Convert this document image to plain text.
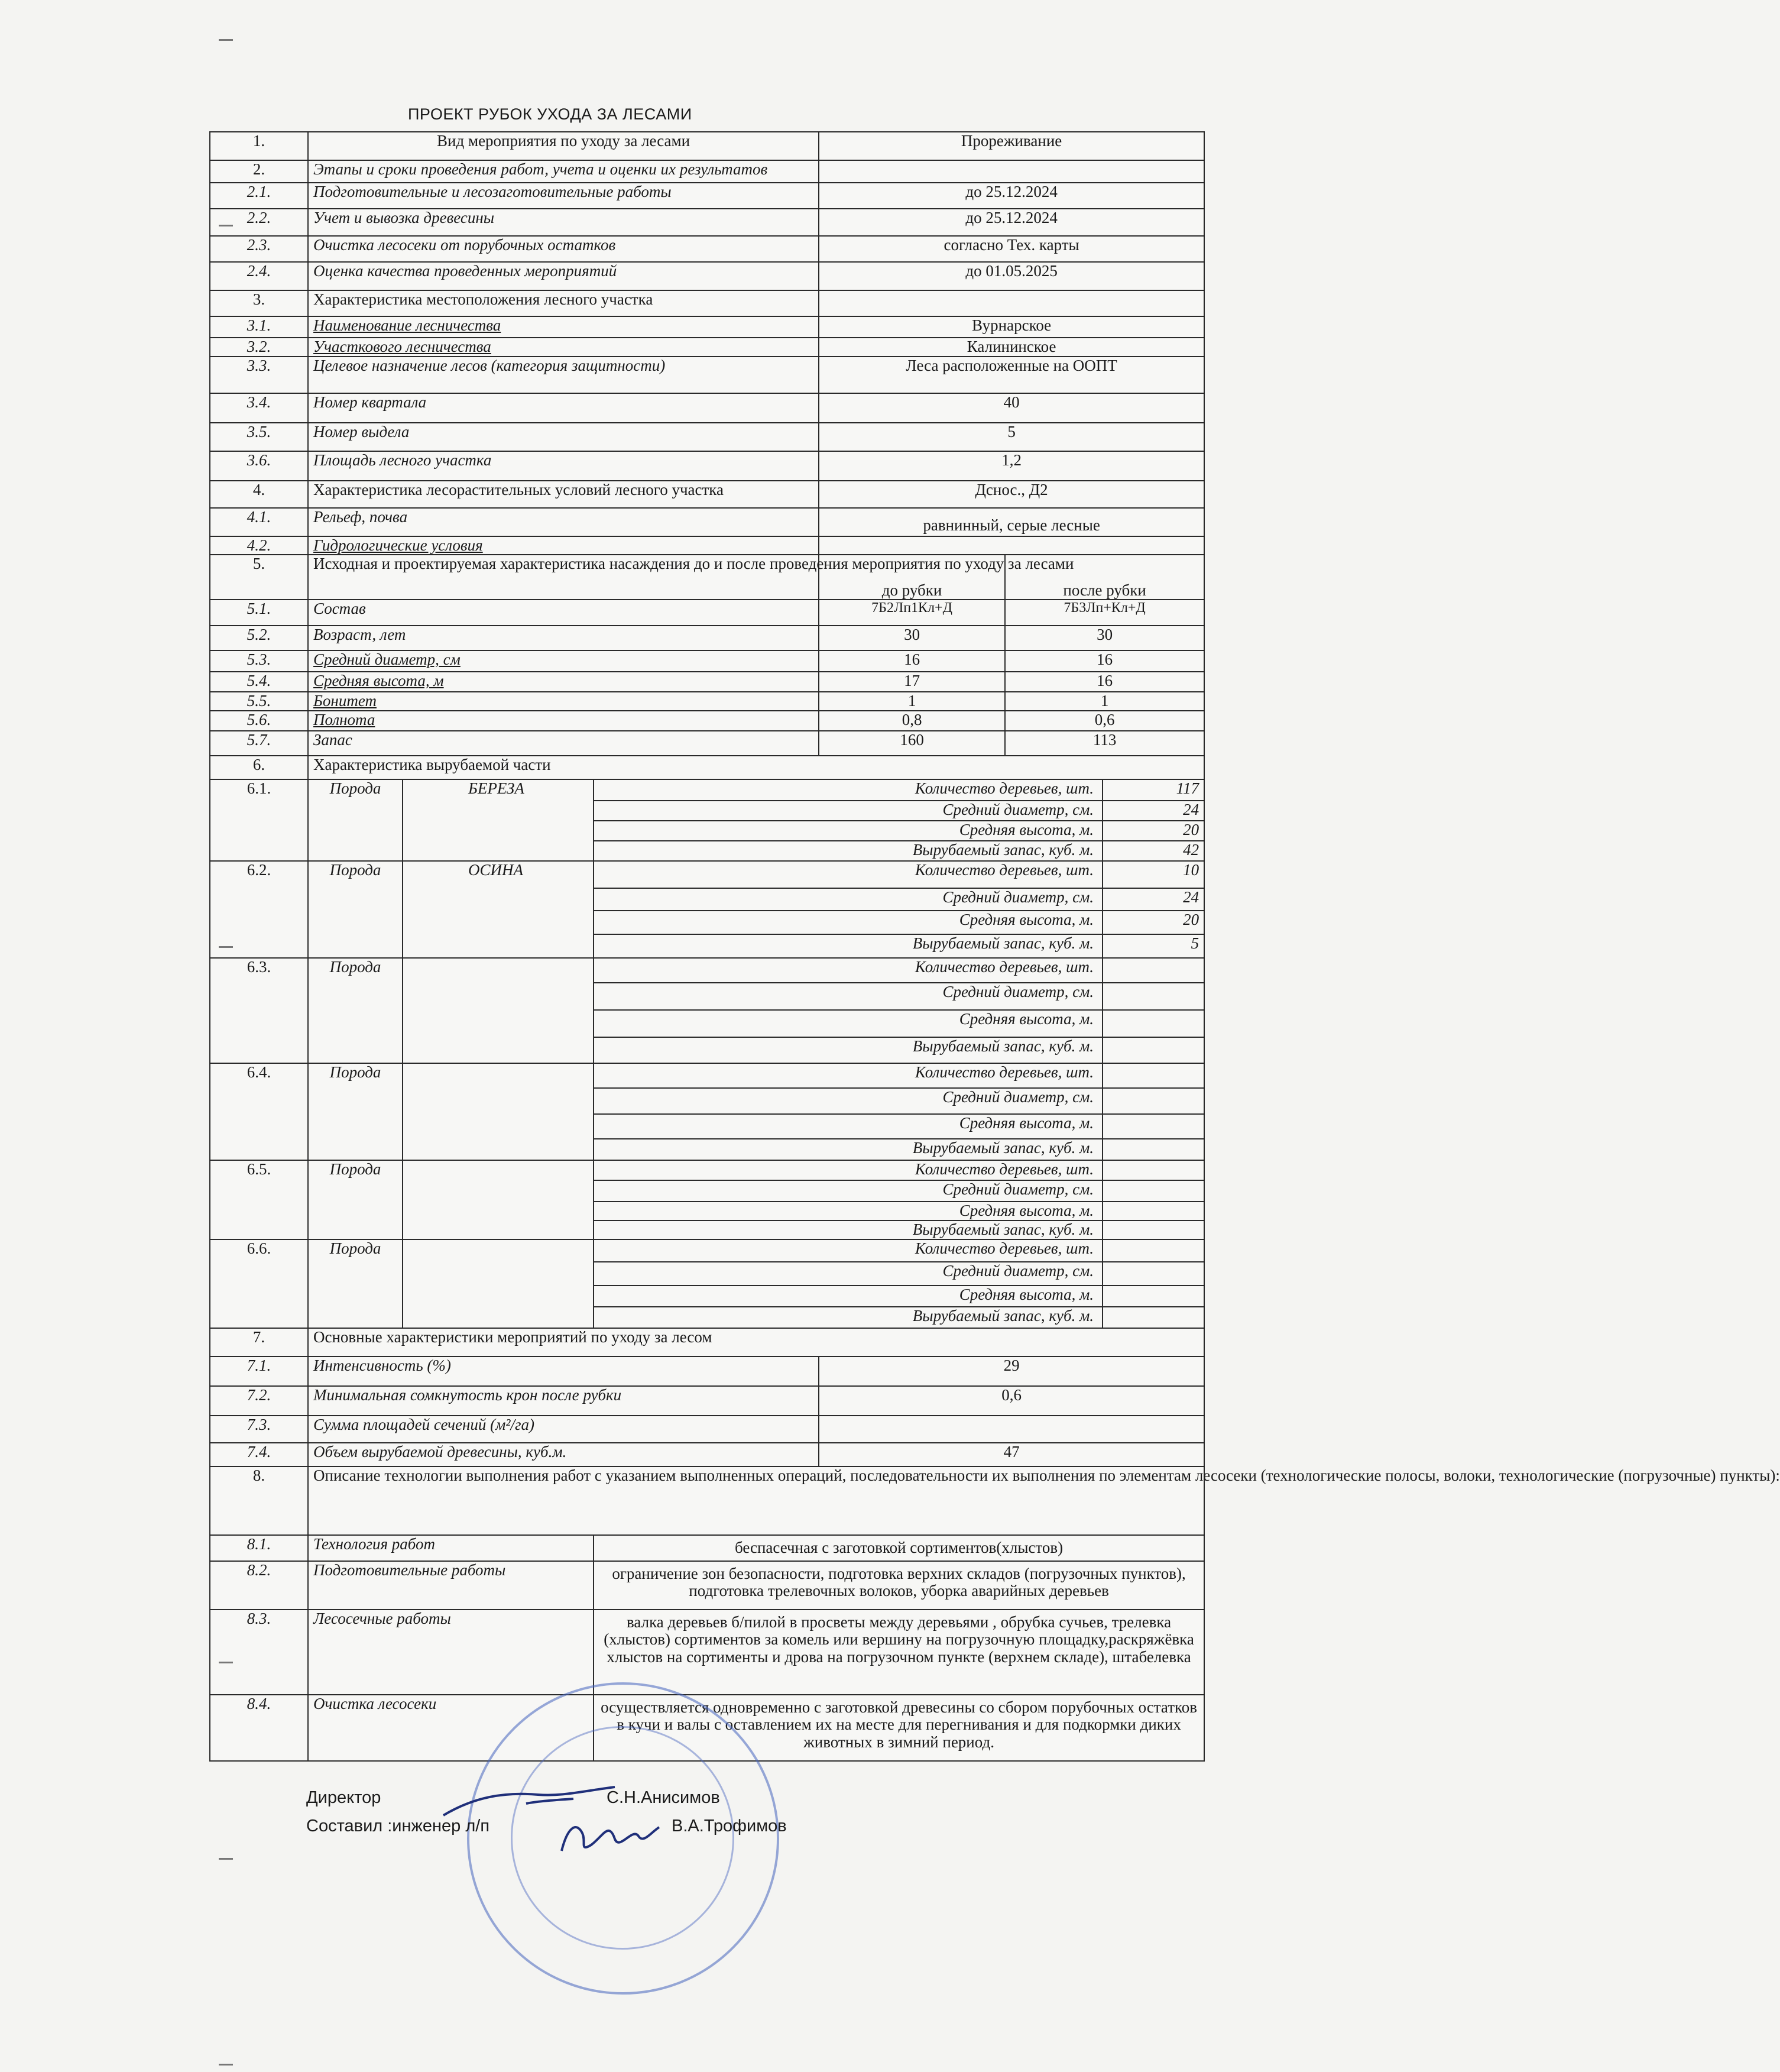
ПРОЕКТ РУБОК УХОДА ЗА ЛЕСАМИ
1.	Вид мероприятия по уходу за лесами			Прореживание		
2.	Этапы и сроки проведения работ, учета и оценки их результатов					
2.1.	Подготовительные и лесозаготовительные работы			до 25.12.2024		
2.2.	Учет и вывозка древесины			до 25.12.2024		
2.3.	Очистка лесосеки от порубочных остатков			согласно Тех. карты		
2.4.	Оценка качества проведенных мероприятий			до 01.05.2025		
3.	Характеристика местоположения лесного участка					
3.1.	Наименование лесничества			Вурнарское		
3.2.	Участкового лесничества			Калининское		
3.3.	Целевое назначение лесов (категория защитности)			Леса расположенные на ООПТ		
3.4.	Номер квартала			40		
3.5.	Номер выдела			5		
3.6.	Площадь лесного участка			1,2		
4.	Характеристика лесорастительных условий лесного участка			Дснос., Д2		
4.1.	Рельеф, почва			равнинный, серые лесные		
4.2.	Гидрологические условия					
5.	Исходная и проектируемая характеристика насаждения до и после проведения мероприятия по уходу за лесами			до рубки	после рубки	
5.1.	Состав			7Б2Лп1Кл+Д	7Б3Лп+Кл+Д	
5.2.	Возраст, лет			30	30	
5.3.	Средний диаметр, см			16	16	
5.4.	Средняя высота, м			17	16	
5.5.	Бонитет			1	1	
5.6.	Полнота			0,8	0,6	
5.7.	Запас			160	113	
6.	Характеристика вырубаемой части					
6.1.	Порода	БЕРЕЗА	Количество деревьев, шт.			117
			Средний диаметр, см.			24
			Средняя высота, м.			20
			Вырубаемый запас, куб. м.			42
6.2.	Порода	ОСИНА	Количество деревьев, шт.			10
			Средний диаметр, см.			24
			Средняя высота, м.			20
			Вырубаемый запас, куб. м.			5
6.3.	Порода		Количество деревьев, шт.			
			Средний диаметр, см.			
			Средняя высота, м.			
			Вырубаемый запас, куб. м.			
6.4.	Порода		Количество деревьев, шт.			
			Средний диаметр, см.			
			Средняя высота, м.			
			Вырубаемый запас, куб. м.			
6.5.	Порода		Количество деревьев, шт.			
			Средний диаметр, см.			
			Средняя высота, м.			
			Вырубаемый запас, куб. м.			
6.6.	Порода		Количество деревьев, шт.			
			Средний диаметр, см.			
			Средняя высота, м.			
			Вырубаемый запас, куб. м.			
7.	Основные характеристики мероприятий по уходу за лесом					
7.1.	Интенсивность (%)			29		
7.2.	Минимальная сомкнутость крон после рубки			0,6		
7.3.	Сумма площадей сечений (м²/га)					
7.4.	Объем вырубаемой древесины, куб.м.			47		
8.	Описание технологии выполнения работ с указанием выполненных операций, последовательности их выполнения по элементам лесосеки (технологические полосы, волоки, технологические (погрузочные) пункты):					
8.1.	Технология работ		беспасечная с заготовкой сортиментов(хлыстов)			
8.2.	Подготовительные работы		ограничение зон безопасности, подготовка верхних складов (погрузочных пунктов), подготовка трелевочных волоков, уборка аварийных деревьев			
8.3.	Лесосечные работы		валка деревьев б/пилой в просветы между деревьями , обрубка сучьев, трелевка (хлыстов) сортиментов за комель или вершину на погрузочную площадку,раскряжёвка хлыстов на сортименты и дрова на погрузочном пункте (верхнем складе), штабелевка			
8.4.	Очистка лесосеки		осуществляется одновременно с заготовкой древесины со сбором порубочных остатков в кучи и валы с оставлением их на месте для перегнивания и для подкормки диких животных в зимний период.			
Директор	С.Н.Анисимов
Составил :инженер л/п	В.А.Трофимов
